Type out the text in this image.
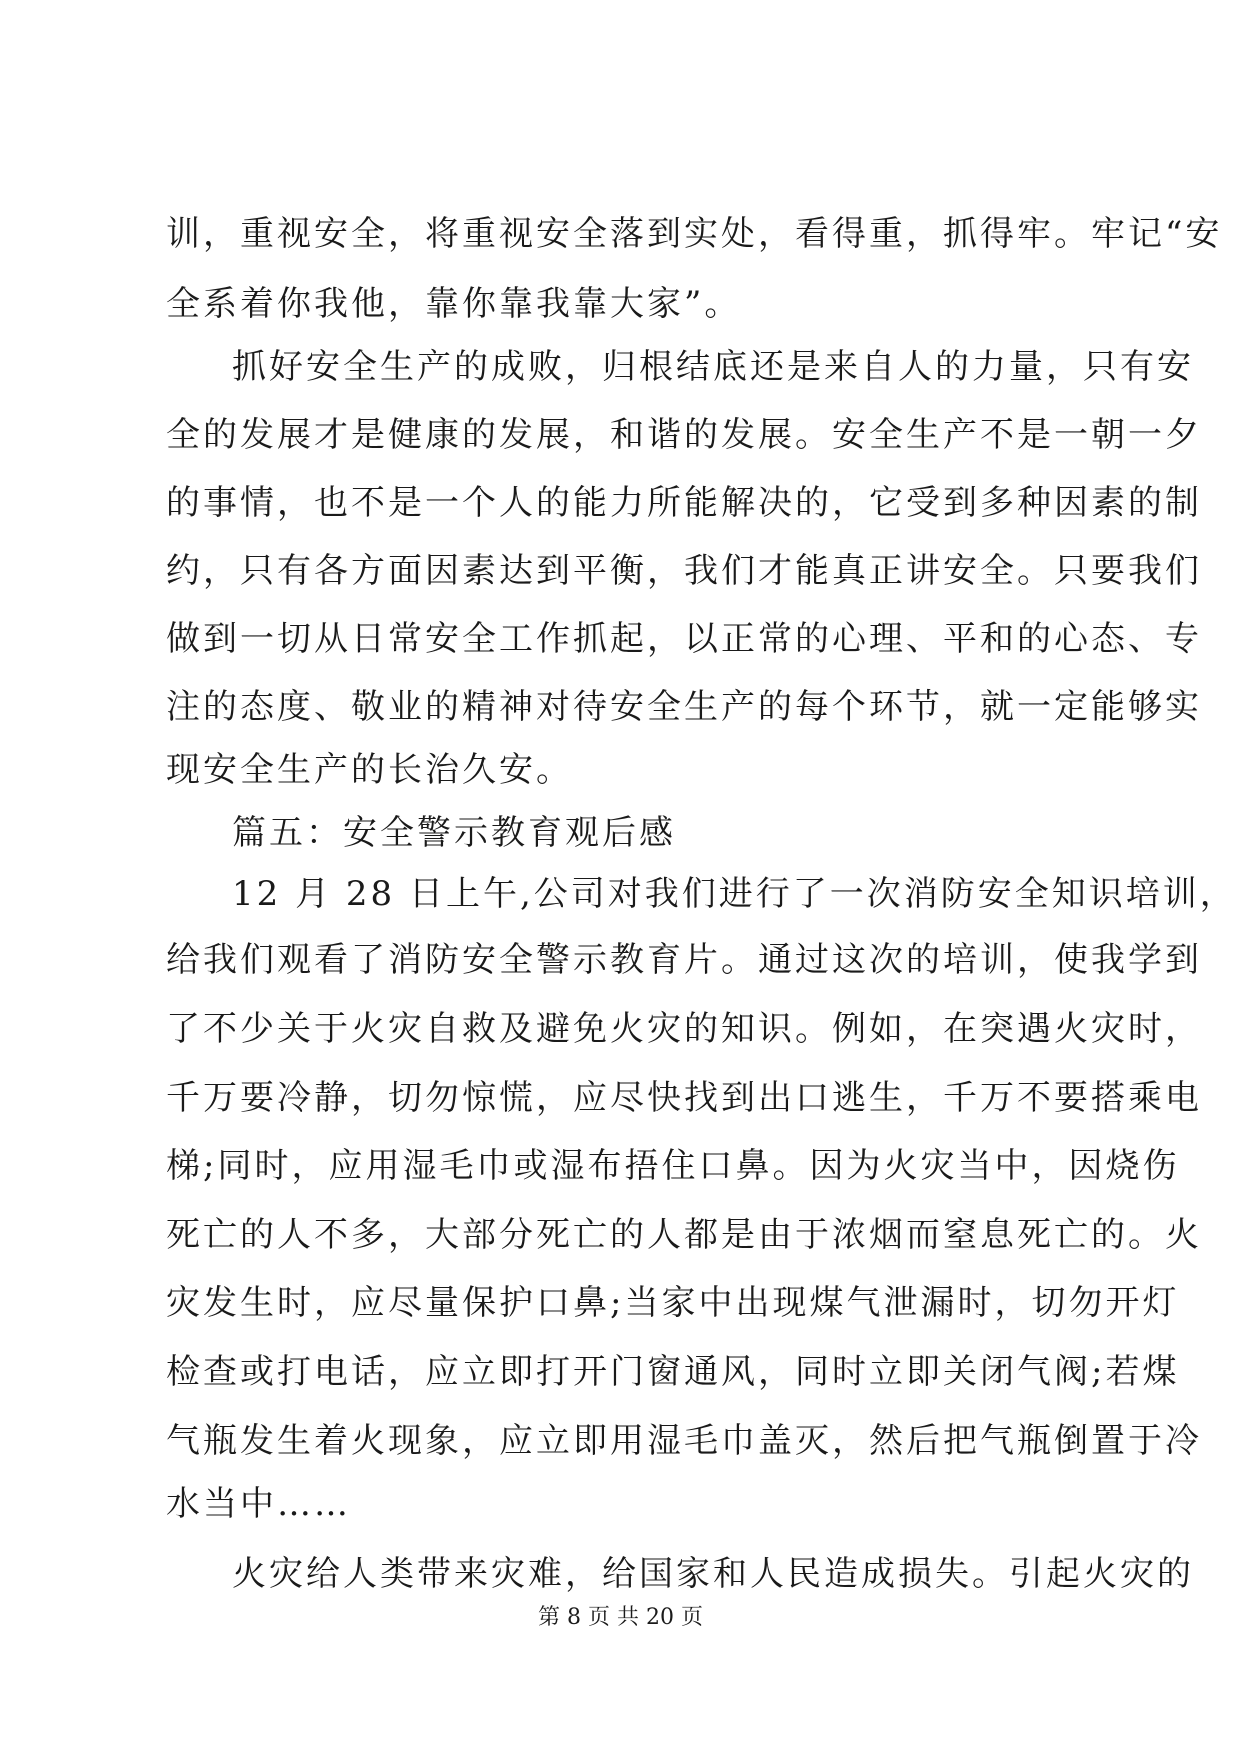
训，重视安全，将重视安全落到实处，看得重，抓得牢。牢记“安
全系着你我他，靠你靠我靠大家”。
抓好安全生产的成败，归根结底还是来自人的力量，只有安
全的发展才是健康的发展，和谐的发展。安全生产不是一朝一夕
的事情，也不是一个人的能力所能解决的，它受到多种因素的制
约，只有各方面因素达到平衡，我们才能真正讲安全。只要我们
做到一切从日常安全工作抓起，以正常的心理、平和的心态、专
注的态度、敬业的精神对待安全生产的每个环节，就一定能够实
现安全生产的长治久安。
篇五：安全警示教育观后感
12 月 28 日上午,公司对我们进行了一次消防安全知识培训，
给我们观看了消防安全警示教育片。通过这次的培训，使我学到
了不少关于火灾自救及避免火灾的知识。例如，在突遇火灾时，
千万要冷静，切勿惊慌，应尽快找到出口逃生，千万不要搭乘电
梯;同时，应用湿毛巾或湿布捂住口鼻。因为火灾当中，因烧伤
死亡的人不多，大部分死亡的人都是由于浓烟而窒息死亡的。火
灾发生时，应尽量保护口鼻;当家中出现煤气泄漏时，切勿开灯
检查或打电话，应立即打开门窗通风，同时立即关闭气阀;若煤
气瓶发生着火现象，应立即用湿毛巾盖灭，然后把气瓶倒置于冷
水当中……
火灾给人类带来灾难，给国家和人民造成损失。引起火灾的
第 8 页 共 20 页
